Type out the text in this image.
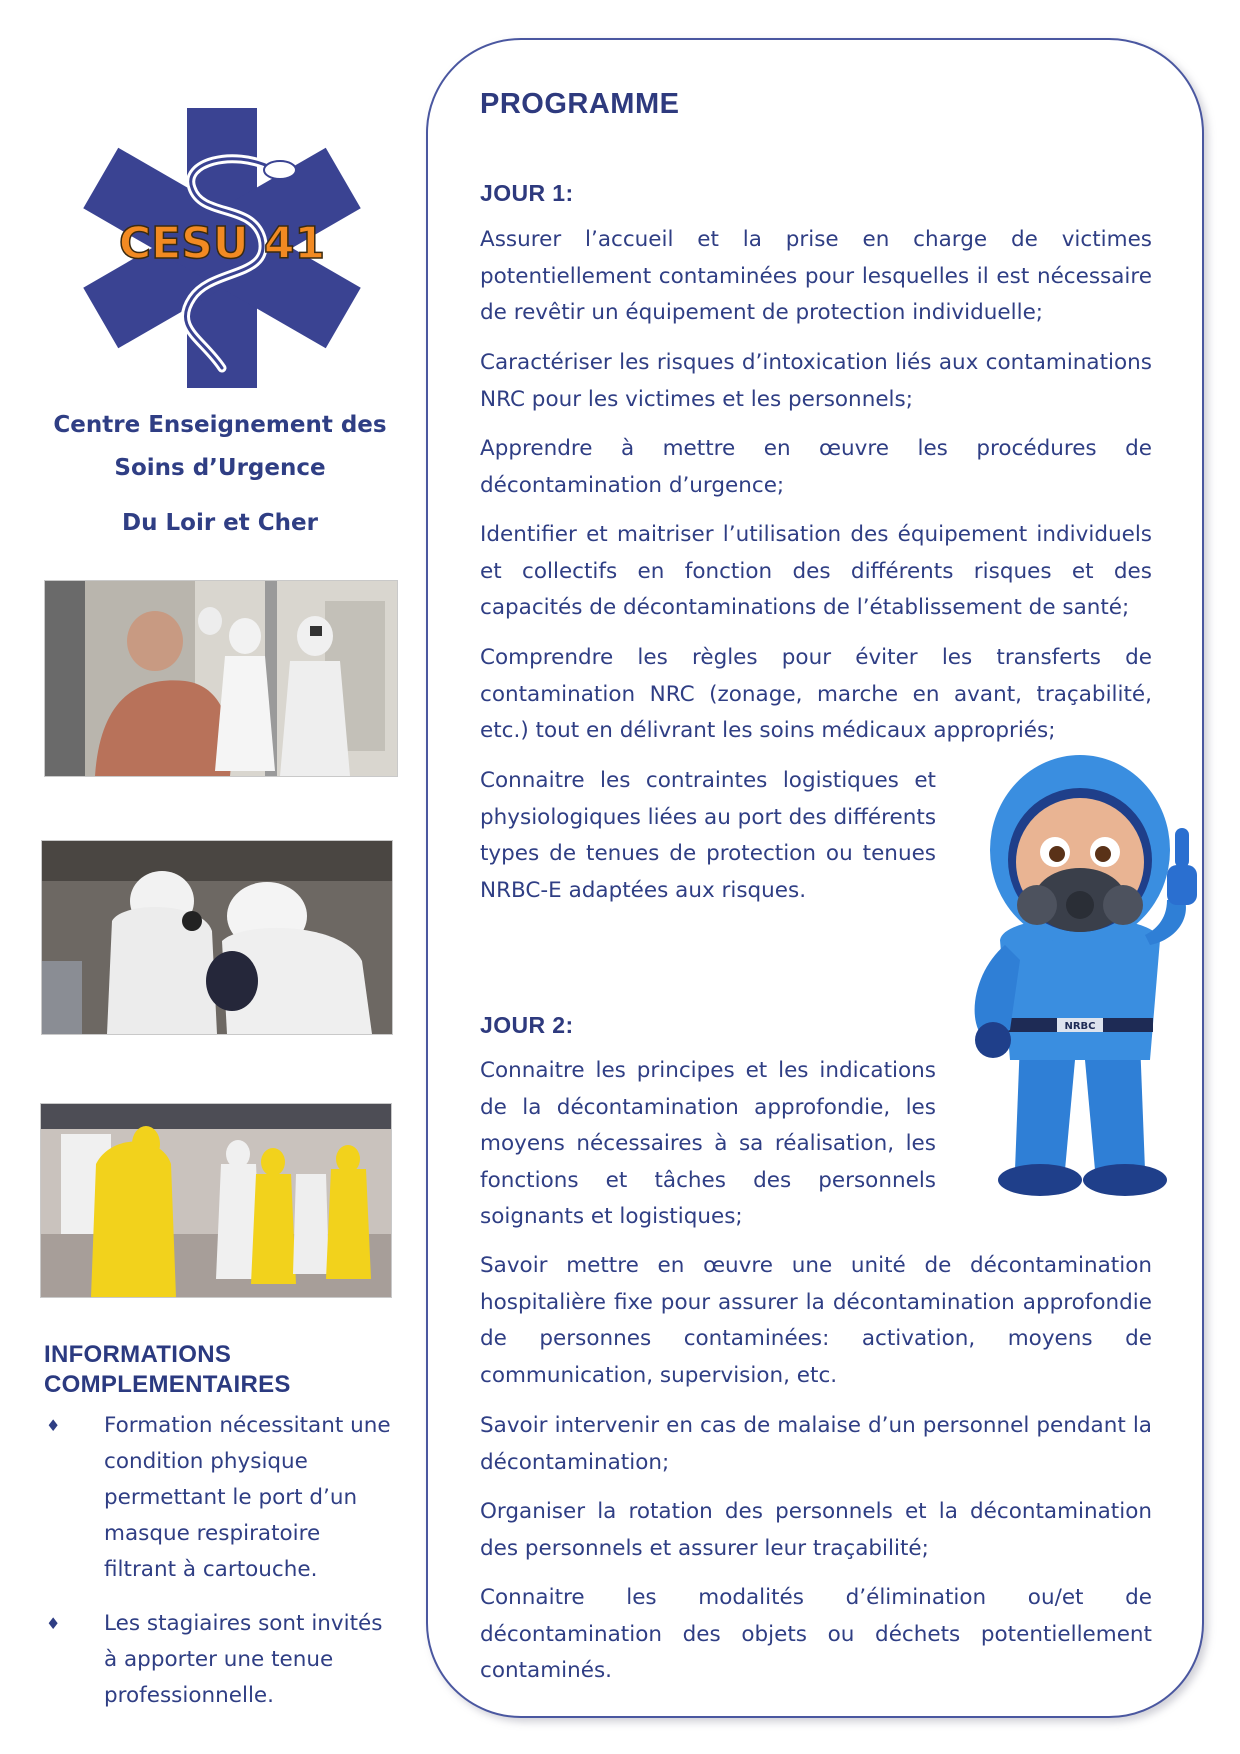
CESU 41
Centre Enseignement des
Soins d’Urgence
Du Loir et Cher
INFORMATIONS
COMPLEMENTAIRES
♦ Formation nécessitant une condition physique permettant le port d’un masque respiratoire filtrant à cartouche.
♦ Les stagiaires sont invités à apporter une tenue professionnelle.
PROGRAMME
JOUR 1:

Assurer l’accueil et la prise en charge de victimes potentiellement contaminées pour lesquelles il est nécessaire de revêtir un équipement de protection individuelle;

Caractériser les risques d’intoxication liés aux contaminations NRC pour les victimes et les personnels;

Apprendre à mettre en œuvre les procédures de décontamination d’urgence;

Identifier et maitriser l’utilisation des équipement individuels et collectifs en fonction des différents risques et des capacités de décontaminations de l’établissement de santé;

Comprendre les règles pour éviter les transferts de contamination NRC (zonage, marche en avant, traçabilité, etc.) tout en délivrant les soins médicaux appropriés;

Connaitre les contraintes logistiques et physiologiques liées au port des différents types de tenues de protection ou tenues NRBC-E adaptées aux risques.

JOUR 2:

Connaitre les principes et les indications de la décontamination approfondie, les moyens nécessaires à sa réalisation, les fonctions et tâches des personnels soignants et logistiques;

Savoir mettre en œuvre une unité de décontamination hospitalière fixe pour assurer la décontamination approfondie de personnes contaminées: activation, moyens de communication, supervision, etc.

Savoir intervenir en cas de malaise d’un personnel pendant la décontamination;

Organiser la rotation des personnels et la décontamination des personnels et assurer leur traçabilité;

Connaitre les modalités d’élimination ou/et de décontamination des objets ou déchets potentiellement contaminés.

NRBC
